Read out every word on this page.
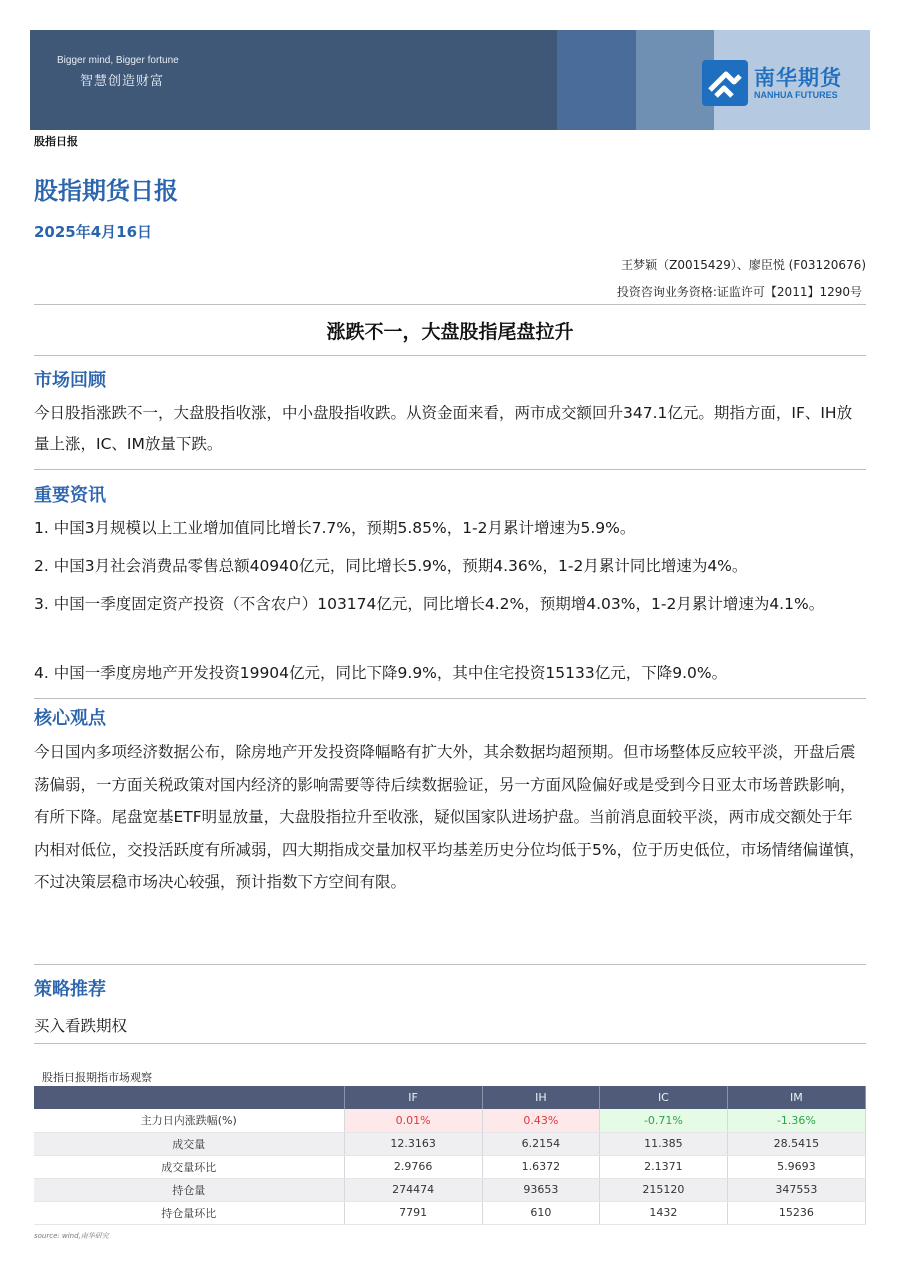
Bigger mind, Bigger fortune
智慧创造财富	南华期货
NANHUA FUTURES
股指日报
股指期货日报
2025年4月16日
王梦颖（Z0015429）、廖臣悦 (F03120676)
投资咨询业务资格:证监许可【2011】1290号
涨跌不一，大盘股指尾盘拉升
市场回顾
今日股指涨跌不一，大盘股指收涨，中小盘股指收跌。从资金面来看，两市成交额回升347.1亿元。期指方面，IF、IH放量上涨，IC、IM放量下跌。
重要资讯
1. 中国3月规模以上工业增加值同比增长7.7%，预期5.85%，1-2月累计增速为5.9%。
2. 中国3月社会消费品零售总额40940亿元，同比增长5.9%，预期4.36%，1-2月累计同比增速为4%。
3. 中国一季度固定资产投资（不含农户）103174亿元，同比增长4.2%，预期增4.03%，1-2月累计增速为4.1%。
4. 中国一季度房地产开发投资19904亿元，同比下降9.9%，其中住宅投资15133亿元，下降9.0%。
核心观点
今日国内多项经济数据公布，除房地产开发投资降幅略有扩大外，其余数据均超预期。但市场整体反应较平淡，开盘后震荡偏弱，一方面关税政策对国内经济的影响需要等待后续数据验证，另一方面风险偏好或是受到今日亚太市场普跌影响，有所下降。尾盘宽基ETF明显放量，大盘股指拉升至收涨，疑似国家队进场护盘。当前消息面较平淡，两市成交额处于年内相对低位，交投活跃度有所减弱，四大期指成交量加权平均基差历史分位均低于5%，位于历史低位，市场情绪偏谨慎，不过决策层稳市场决心较强，预计指数下方空间有限。
策略推荐
买入看跌期权
股指日报期指市场观察
	IF	IH	IC	IM
主力日内涨跌幅(%)	0.01%	0.43%	-0.71%	-1.36%
成交量	12.3163	6.2154	11.385	28.5415
成交量环比	2.9766	1.6372	2.1371	5.9693
持仓量	274474	93653	215120	347553
持仓量环比	7791	610	1432	15236
source: wind,南华研究
